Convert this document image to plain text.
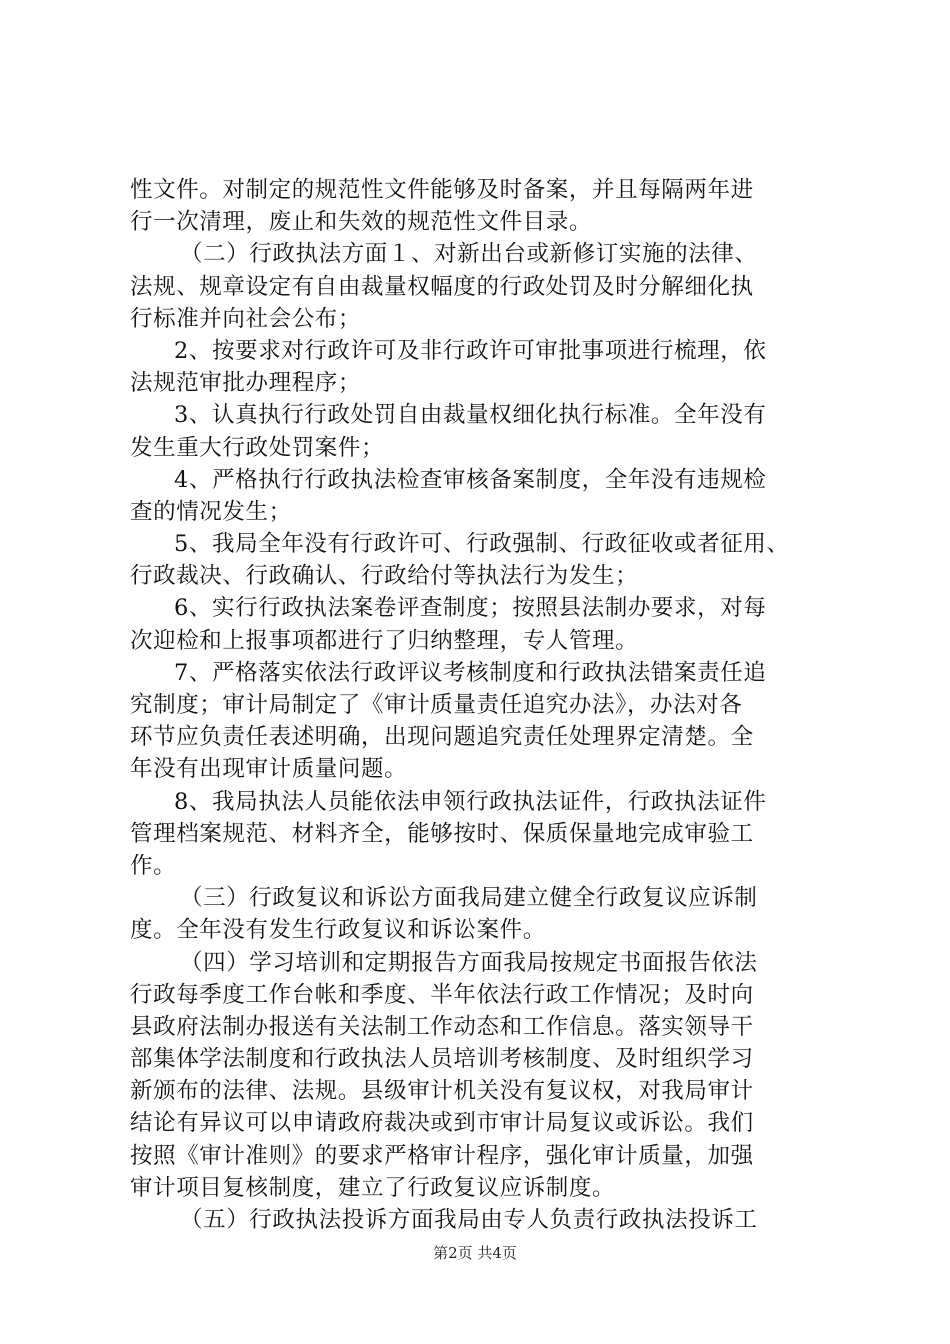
性文件。对制定的规范性文件能够及时备案，并且每隔两年进
行一次清理，废止和失效的规范性文件目录。
（二）行政执法方面１、对新出台或新修订实施的法律、
法规、规章设定有自由裁量权幅度的行政处罚及时分解细化执
行标准并向社会公布；
2、按要求对行政许可及非行政许可审批事项进行梳理，依
法规范审批办理程序；
3、认真执行行政处罚自由裁量权细化执行标准。全年没有
发生重大行政处罚案件；
4、严格执行行政执法检查审核备案制度，全年没有违规检
查的情况发生；
5、我局全年没有行政许可、行政强制、行政征收或者征用、
行政裁决、行政确认、行政给付等执法行为发生；
6、实行行政执法案卷评查制度；按照县法制办要求，对每
次迎检和上报事项都进行了归纳整理，专人管理。
7、严格落实依法行政评议考核制度和行政执法错案责任追
究制度；审计局制定了《审计质量责任追究办法》，办法对各
环节应负责任表述明确，出现问题追究责任处理界定清楚。全
年没有出现审计质量问题。
8、我局执法人员能依法申领行政执法证件，行政执法证件
管理档案规范、材料齐全，能够按时、保质保量地完成审验工
作。
（三）行政复议和诉讼方面我局建立健全行政复议应诉制
度。全年没有发生行政复议和诉讼案件。
（四）学习培训和定期报告方面我局按规定书面报告依法
行政每季度工作台帐和季度、半年依法行政工作情况；及时向
县政府法制办报送有关法制工作动态和工作信息。落实领导干
部集体学法制度和行政执法人员培训考核制度、及时组织学习
新颁布的法律、法规。县级审计机关没有复议权，对我局审计
结论有异议可以申请政府裁决或到市审计局复议或诉讼。我们
按照《审计准则》的要求严格审计程序，强化审计质量，加强
审计项目复核制度，建立了行政复议应诉制度。
（五）行政执法投诉方面我局由专人负责行政执法投诉工
第2页 共4页
